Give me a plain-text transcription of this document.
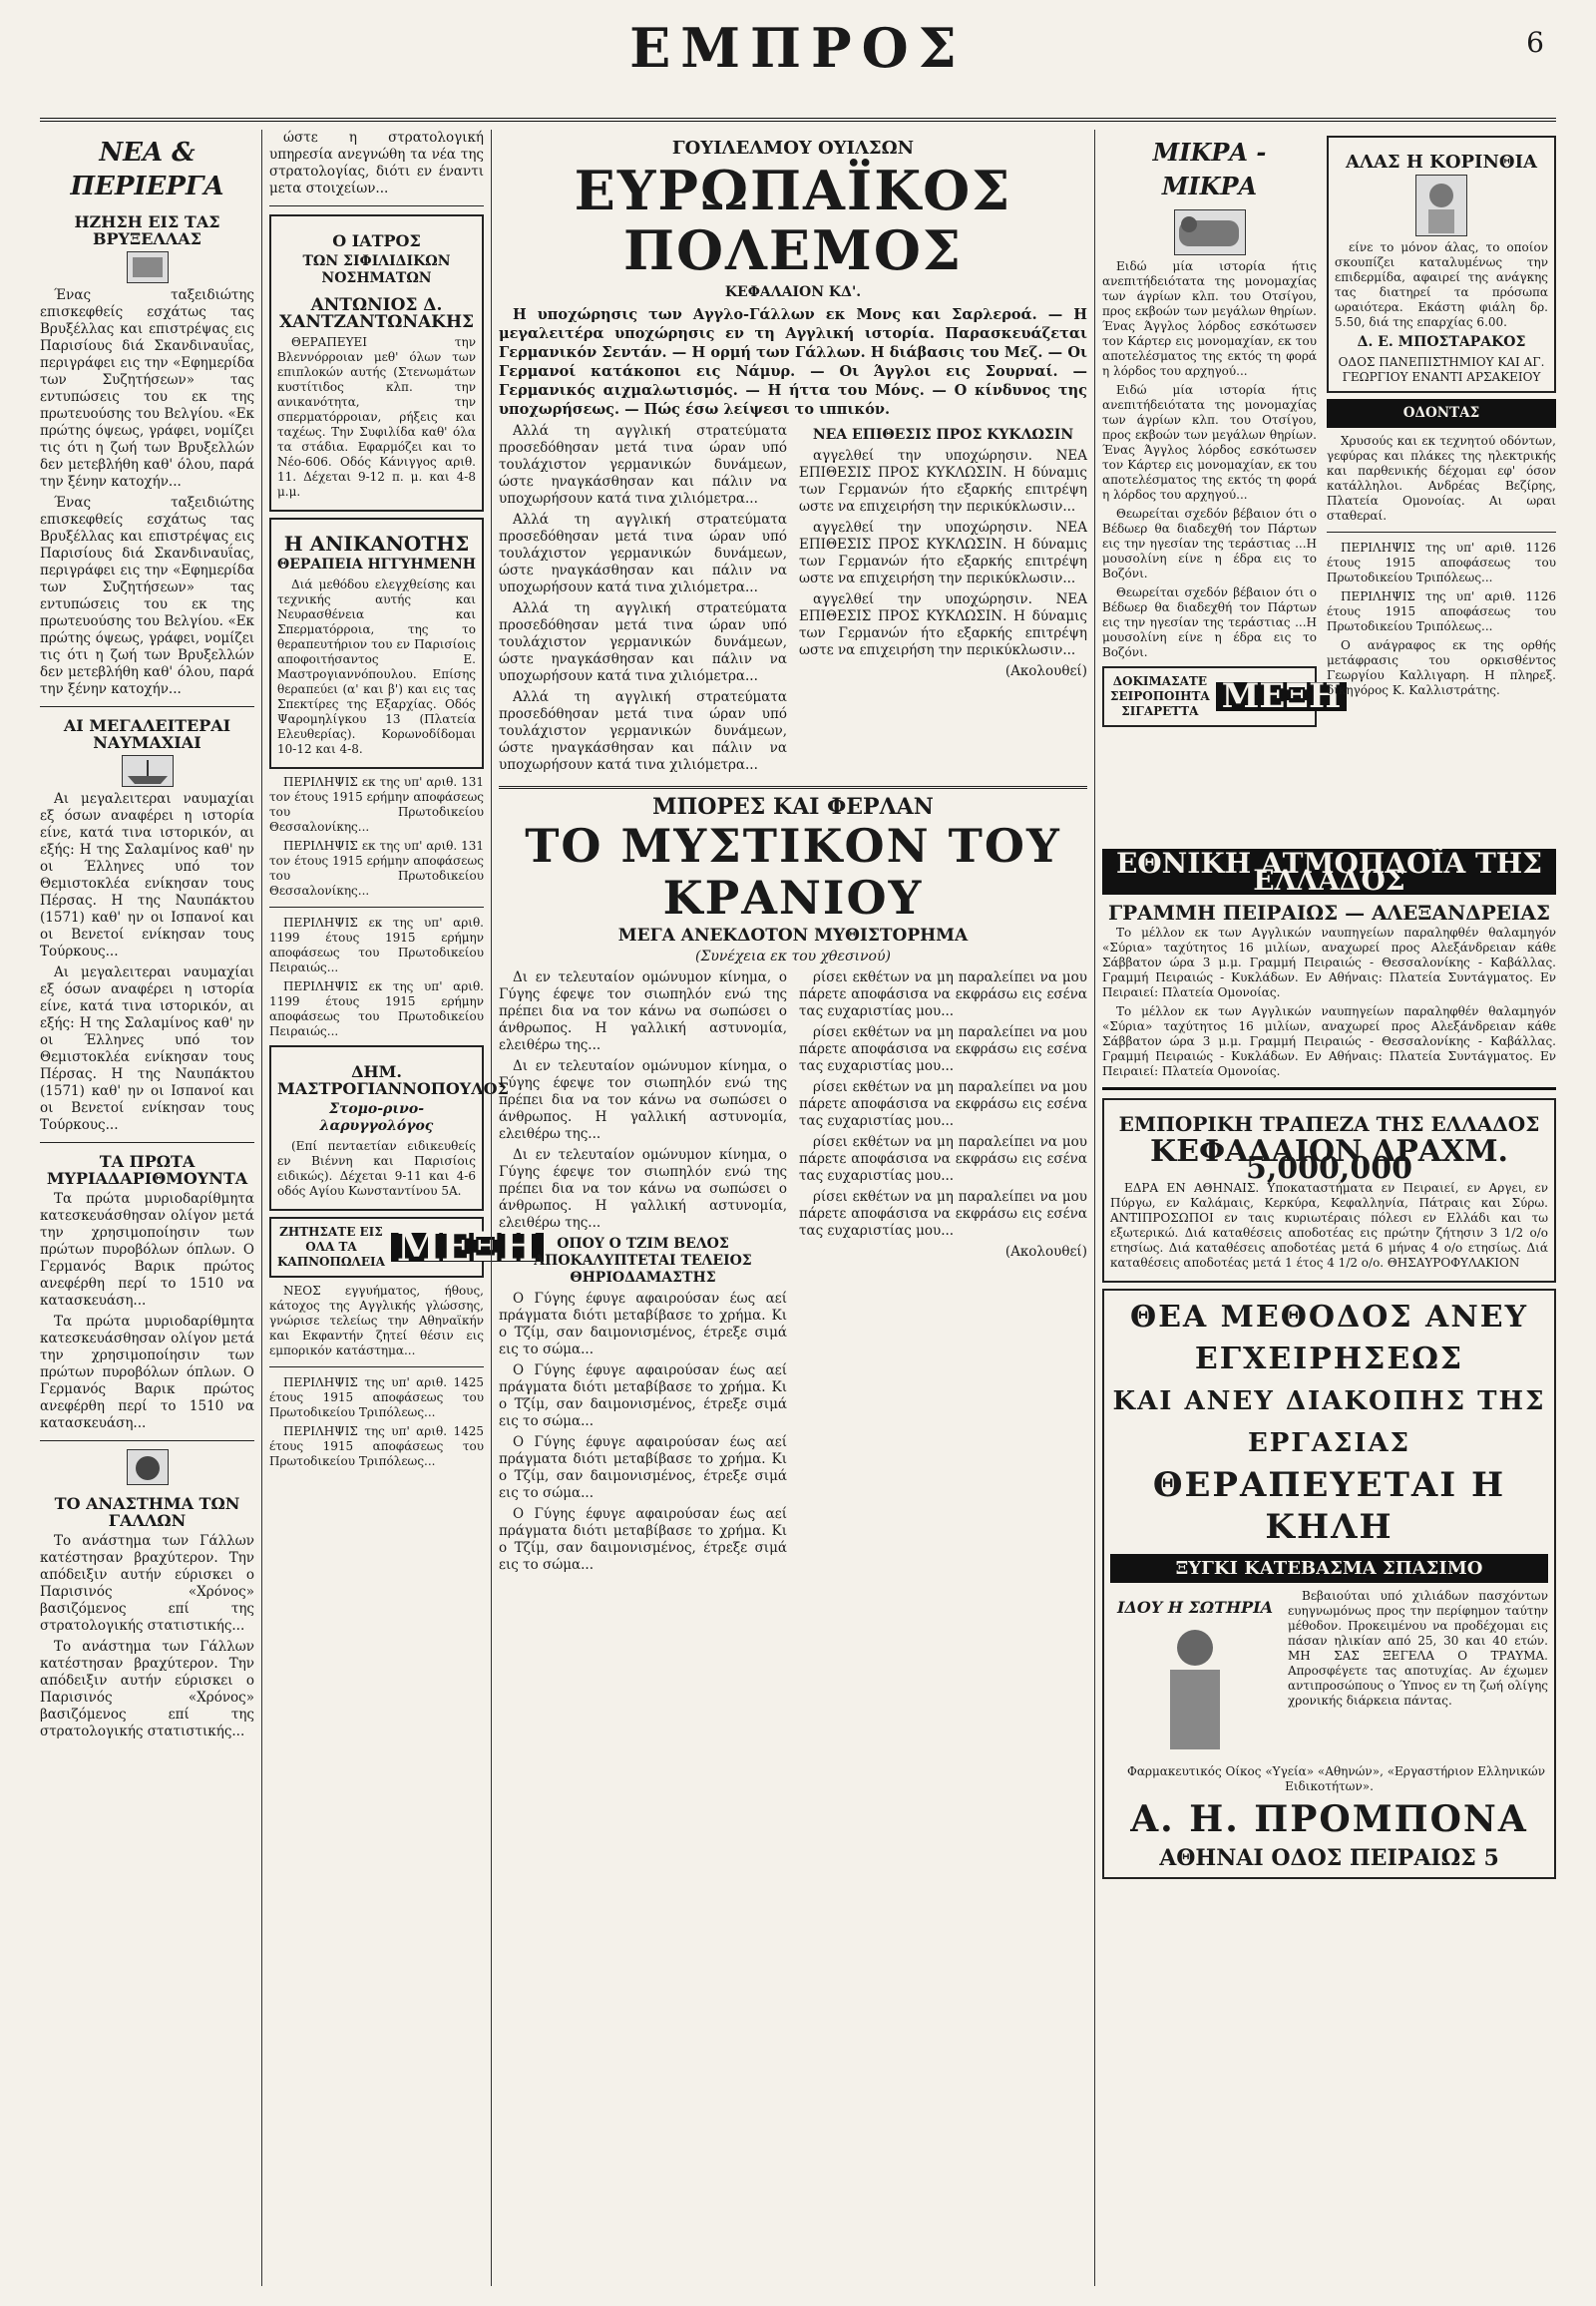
ΕΜΠΡΟΣ	6
ΝΕΑ & ΠΕΡΙΕΡΓΑ
ΗΖΗΣΗ ΕΙΣ ΤΑΣ ΒΡΥΞΕΛΛΑΣ

Ένας ταξειδιώτης επισκεφθείς εσχάτως τας Βρυξέλλας και επιστρέψας εις Παρισίους διά Σκανδιναυΐας, περιγράφει εις την «Εφημερίδα των Συζητήσεων» τας εντυπώσεις του εκ της πρωτευούσης του Βελγίου. «Εκ πρώτης όψεως, γράφει, νομίζει τις ότι η ζωή των Βρυξελλών δεν μετεβλήθη καθ' όλου, παρά την ξένην κατοχήν...

Ένας ταξειδιώτης επισκεφθείς εσχάτως τας Βρυξέλλας και επιστρέψας εις Παρισίους διά Σκανδιναυΐας, περιγράφει εις την «Εφημερίδα των Συζητήσεων» τας εντυπώσεις του εκ της πρωτευούσης του Βελγίου. «Εκ πρώτης όψεως, γράφει, νομίζει τις ότι η ζωή των Βρυξελλών δεν μετεβλήθη καθ' όλου, παρά την ξένην κατοχήν...

ΑΙ ΜΕΓΑΛΕΙΤΕΡΑΙ ΝΑΥΜΑΧΙΑΙ

Αι μεγαλειτεραι ναυμαχίαι εξ όσων αναφέρει η ιστορία είνε, κατά τινα ιστορικόν, αι εξής: Η της Σαλαμίνος καθ' ην οι Έλληνες υπό τον Θεμιστοκλέα ενίκησαν τους Πέρσας. Η της Ναυπάκτου (1571) καθ' ην οι Ισπανοί και οι Βενετοί ενίκησαν τους Τούρκους...

Αι μεγαλειτεραι ναυμαχίαι εξ όσων αναφέρει η ιστορία είνε, κατά τινα ιστορικόν, αι εξής: Η της Σαλαμίνος καθ' ην οι Έλληνες υπό τον Θεμιστοκλέα ενίκησαν τους Πέρσας. Η της Ναυπάκτου (1571) καθ' ην οι Ισπανοί και οι Βενετοί ενίκησαν τους Τούρκους...

ΤΑ ΠΡΩΤΑ ΜΥΡΙΑΔΑΡΙΘΜΟΥΝΤΑ

Τα πρώτα μυριοδαρίθμητα κατεσκευάσθησαν ολίγον μετά την χρησιμοποίησιν των πρώτων πυροβόλων όπλων. Ο Γερμανός Βαρικ πρώτος ανεφέρθη περί το 1510 να κατασκευάση...

Τα πρώτα μυριοδαρίθμητα κατεσκευάσθησαν ολίγον μετά την χρησιμοποίησιν των πρώτων πυροβόλων όπλων. Ο Γερμανός Βαρικ πρώτος ανεφέρθη περί το 1510 να κατασκευάση...

ΤΟ ΑΝΑΣΤΗΜΑ ΤΩΝ ΓΑΛΛΩΝ

Το ανάστημα των Γάλλων κατέστησαν βραχύτερον. Την απόδειξιν αυτήν εύρισκει ο Παρισινός «Χρόνος» βασιζόμενος επί της στρατολογικής στατιστικής...

Το ανάστημα των Γάλλων κατέστησαν βραχύτερον. Την απόδειξιν αυτήν εύρισκει ο Παρισινός «Χρόνος» βασιζόμενος επί της στρατολογικής στατιστικής...

ώστε η στρατολογική υπηρεσία ανεγνώθη τα νέα της στρατολογίας, διότι εν έναντι μετα στοιχείων...

Ο ΙΑΤΡΟΣ
ΤΩΝ ΣΙΦΙΛΙΔΙΚΩΝ ΝΟΣΗΜΑΤΩΝ
ΑΝΤΩΝΙΟΣ Δ. ΧΑΝΤΖΑΝΤΩΝΑΚΗΣ

ΘΕΡΑΠΕΥΕΙ την Βλεννόρροιαν μεθ' όλων των επιπλοκών αυτής (Στενωμάτων κυστίτιδος κλπ. την ανικανότητα, την σπερματόρροιαν, ρήξεις και ταχέως. Την Συφιλίδα καθ' όλα τα στάδια. Εφαρμόζει και το Νέο-606. Οδός Κάνιγγος αριθ. 11. Δέχεται 9-12 π. μ. και 4-8 μ.μ.

Η ΑΝΙΚΑΝΟΤΗΣ
ΘΕΡΑΠΕΙΑ ΗΓΓΥΗΜΕΝΗ

Διά μεθόδου ελεγχθείσης και τεχνικής αυτής και Νευρασθένεια και Σπερματόρροια, της το θεραπευτήριον του εν Παρισίοις αποφοιτήσαντος Ε. Μαστρογιαννόπουλου. Επίσης θεραπεύει (α' και β') και εις τας Σπεκτίρες της Εξαρχίας. Οδός Ψαρομηλίγκου 13 (Πλατεία Ελευθερίας). Κορωνοδίδομαι 10-12 και 4-8.

ΠΕΡΙΛΗΨΙΣ εκ της υπ' αριθ. 131 τον έτους 1915 ερήμην αποφάσεως του Πρωτοδικείου Θεσσαλονίκης...

ΠΕΡΙΛΗΨΙΣ εκ της υπ' αριθ. 131 τον έτους 1915 ερήμην αποφάσεως του Πρωτοδικείου Θεσσαλονίκης...

ΠΕΡΙΛΗΨΙΣ εκ της υπ' αριθ. 1199 έτους 1915 ερήμην αποφάσεως του Πρωτοδικείου Πειραιώς...

ΠΕΡΙΛΗΨΙΣ εκ της υπ' αριθ. 1199 έτους 1915 ερήμην αποφάσεως του Πρωτοδικείου Πειραιώς...

ΔΗΜ. ΜΑΣΤΡΟΓΙΑΝΝΟΠΟΥΛΟΣ
Στομο-ρινο-λαρυγγολόγος

(Επί πενταετίαν ειδικευθείς εν Βιέννη και Παρισίοις ειδικώς). Δέχεται 9-11 και 4-6 οδός Αγίου Κωνσταντίνου 5Α.

ΖΗΤΗΣΑΤΕ ΕΙΣ ΟΛΑ ΤΑ ΚΑΠΝΟΠΩΛΕΙΑ ΜΕΞΗ

ΝΕΟΣ εγγυήματος, ήθους, κάτοχος της Αγγλικής γλώσσης, γνώρισε τελείως την Αθηναϊκήν και Εκφαντήν ζητεί θέσιν εις εμπορικόν κατάστημα...

ΠΕΡΙΛΗΨΙΣ της υπ' αριθ. 1425 έτους 1915 αποφάσεως του Πρωτοδικείου Τριπόλεως...

ΠΕΡΙΛΗΨΙΣ της υπ' αριθ. 1425 έτους 1915 αποφάσεως του Πρωτοδικείου Τριπόλεως...

ΓΟΥΙΛΕΛΜΟΥ ΟΥΙΛΣΩΝ
ΕΥΡΩΠΑΪΚΟΣ ΠΟΛΕΜΟΣ
ΚΕΦΑΛΑΙΟΝ ΚΔ'.

Η υποχώρησις των Αγγλο-Γάλλων εκ Μονς και Σαρλεροά. — Η μεγαλειτέρα υποχώρησις εν τη Αγγλική ιστορία. Παρασκευάζεται Γερμανικόν Σεντάν. — Η ορμή των Γάλλων. Η διάβασις του Μεζ. — Οι Γερμανοί κατάκοποι εις Νάμυρ. — Οι Άγγλοι εις Σουρναί. — Γερμανικός αιχμαλωτισμός. — Η ήττα του Μόνς. — Ο κίνδυνος της υποχωρήσεως. — Πώς έσω λείψεσι το ιππικόν.

Αλλά τη αγγλική στρατεύματα προσεδόθησαν μετά τινα ώραν υπό τουλάχιστον γερμανικών δυνάμεων, ώστε ηναγκάσθησαν και πάλιν να υποχωρήσουν κατά τινα χιλιόμετρα...

Αλλά τη αγγλική στρατεύματα προσεδόθησαν μετά τινα ώραν υπό τουλάχιστον γερμανικών δυνάμεων, ώστε ηναγκάσθησαν και πάλιν να υποχωρήσουν κατά τινα χιλιόμετρα...

Αλλά τη αγγλική στρατεύματα προσεδόθησαν μετά τινα ώραν υπό τουλάχιστον γερμανικών δυνάμεων, ώστε ηναγκάσθησαν και πάλιν να υποχωρήσουν κατά τινα χιλιόμετρα...

Αλλά τη αγγλική στρατεύματα προσεδόθησαν μετά τινα ώραν υπό τουλάχιστον γερμανικών δυνάμεων, ώστε ηναγκάσθησαν και πάλιν να υποχωρήσουν κατά τινα χιλιόμετρα...

ΝΕΑ ΕΠΙΘΕΣΙΣ ΠΡΟΣ ΚΥΚΛΩΣΙΝ

αγγελθεί την υποχώρησιν. ΝΕΑ ΕΠΙΘΕΣΙΣ ΠΡΟΣ ΚΥΚΛΩΣΙΝ. Η δύναμις των Γερμανών ήτο εξαρκής επιτρέψη ωστε να επιχειρήση την περικύκλωσιν...

αγγελθεί την υποχώρησιν. ΝΕΑ ΕΠΙΘΕΣΙΣ ΠΡΟΣ ΚΥΚΛΩΣΙΝ. Η δύναμις των Γερμανών ήτο εξαρκής επιτρέψη ωστε να επιχειρήση την περικύκλωσιν...

αγγελθεί την υποχώρησιν. ΝΕΑ ΕΠΙΘΕΣΙΣ ΠΡΟΣ ΚΥΚΛΩΣΙΝ. Η δύναμις των Γερμανών ήτο εξαρκής επιτρέψη ωστε να επιχειρήση την περικύκλωσιν...

(Ακολουθεί)

ΜΠΟΡΕΣ ΚΑΙ ΦΕΡΛΑΝ
ΤΟ ΜΥΣΤΙΚΟΝ ΤΟΥ ΚΡΑΝΙΟΥ
ΜΕΓΑ ΑΝΕΚΔΟΤΟΝ ΜΥΘΙΣΤΟΡΗΜΑ
(Συνέχεια εκ του χθεσινού)

Δι εν τελευταίον ομώνυμον κίνημα, ο Γύγης έφεψε τον σιωπηλόν ενώ της πρέπει δια να τον κάνω να σωπώσει ο άνθρωπος. Η γαλλική αστυνομία, ελειθέρω της...

Δι εν τελευταίον ομώνυμον κίνημα, ο Γύγης έφεψε τον σιωπηλόν ενώ της πρέπει δια να τον κάνω να σωπώσει ο άνθρωπος. Η γαλλική αστυνομία, ελειθέρω της...

Δι εν τελευταίον ομώνυμον κίνημα, ο Γύγης έφεψε τον σιωπηλόν ενώ της πρέπει δια να τον κάνω να σωπώσει ο άνθρωπος. Η γαλλική αστυνομία, ελειθέρω της...

ΟΠΟΥ Ο ΤΖΙΜ ΒΕΛΟΣ ΑΠΟΚΑΛΥΠΤΕΤΑΙ ΤΕΛΕΙΟΣ ΘΗΡΙΟΔΑΜΑΣΤΗΣ

Ο Γύγης έφυγε αφαιρούσαν έως αεί πράγματα διότι μεταβίβασε το χρήμα. Κι ο Τζίμ, σαν δαιμονισμένος, έτρεξε σιμά εις το σώμα...

Ο Γύγης έφυγε αφαιρούσαν έως αεί πράγματα διότι μεταβίβασε το χρήμα. Κι ο Τζίμ, σαν δαιμονισμένος, έτρεξε σιμά εις το σώμα...

Ο Γύγης έφυγε αφαιρούσαν έως αεί πράγματα διότι μεταβίβασε το χρήμα. Κι ο Τζίμ, σαν δαιμονισμένος, έτρεξε σιμά εις το σώμα...

Ο Γύγης έφυγε αφαιρούσαν έως αεί πράγματα διότι μεταβίβασε το χρήμα. Κι ο Τζίμ, σαν δαιμονισμένος, έτρεξε σιμά εις το σώμα...

ρίσει εκθέτων να μη παραλείπει να μου πάρετε αποφάσισα να εκφράσω εις εσένα τας ευχαριστίας μου...

ρίσει εκθέτων να μη παραλείπει να μου πάρετε αποφάσισα να εκφράσω εις εσένα τας ευχαριστίας μου...

ρίσει εκθέτων να μη παραλείπει να μου πάρετε αποφάσισα να εκφράσω εις εσένα τας ευχαριστίας μου...

ρίσει εκθέτων να μη παραλείπει να μου πάρετε αποφάσισα να εκφράσω εις εσένα τας ευχαριστίας μου...

ρίσει εκθέτων να μη παραλείπει να μου πάρετε αποφάσισα να εκφράσω εις εσένα τας ευχαριστίας μου...

(Ακολουθεί)

ΜΙΚΡΑ - ΜΙΚΡΑ

Ειδώ μία ιστορία ήτις ανεπιτήδειότατα της μονομαχίας των άγρίων κλπ. του Οτσίγου, προς εκβοών των μεγάλων θηρίων. Ένας Άγγλος λόρδος εσκότωσεν τον Κάρτερ εις μονομαχίαν, εκ του αποτελέσματος της εκτός τη φορά η λόρδος του αρχηγού...

Ειδώ μία ιστορία ήτις ανεπιτήδειότατα της μονομαχίας των άγρίων κλπ. του Οτσίγου, προς εκβοών των μεγάλων θηρίων. Ένας Άγγλος λόρδος εσκότωσεν τον Κάρτερ εις μονομαχίαν, εκ του αποτελέσματος της εκτός τη φορά η λόρδος του αρχηγού...

Θεωρείται σχεδόν βέβαιον ότι ο Βέδωερ θα διαδεχθή τον Πάρτων εις την ηγεσίαν της τεράστιας ...Η μουσολίνη είνε η έδρα εις το Βοζόνι.

Θεωρείται σχεδόν βέβαιον ότι ο Βέδωερ θα διαδεχθή τον Πάρτων εις την ηγεσίαν της τεράστιας ...Η μουσολίνη είνε η έδρα εις το Βοζόνι.

ΔΟΚΙΜΑΣΑΤΕ ΣΕΙΡΟΠΟΙΗΤΑ ΣΙΓΑΡΕΤΤΑ ΜΕΞΗ
ΑΛΑΣ Η ΚΟΡΙΝΘΙΑ

είνε το μόνον άλας, το οποίον σκουπίζει καταλυμένως την επιδερμίδα, αφαιρεί της ανάγκης τας διατηρεί τα πρόσωπα ωραιότερα. Εκάστη φιάλη δρ. 5.50, διά της επαρχίας 6.00.

Δ. Ε. ΜΠΟΣΤΑΡΑΚΟΣ
ΟΔΟΣ ΠΑΝΕΠΙΣΤΗΜΙΟΥ ΚΑΙ ΑΓ. ΓΕΩΡΓΙΟΥ ΕΝΑΝΤΙ ΑΡΣΑΚΕΙΟΥ
ΟΔΟΝΤΑΣ

Χρυσούς και εκ τεχνητού οδόντων, γεφύρας και πλάκες της ηλεκτρικής και παρθενικής δέχομαι εφ' όσον κατάλληλοι. Ανδρέας Βεζίρης, Πλατεία Ομονοίας. Αι ωραι σταθεραί.

ΠΕΡΙΛΗΨΙΣ της υπ' αριθ. 1126 έτους 1915 αποφάσεως του Πρωτοδικείου Τριπόλεως...

ΠΕΡΙΛΗΨΙΣ της υπ' αριθ. 1126 έτους 1915 αποφάσεως του Πρωτοδικείου Τριπόλεως...

Ο ανάγραφος εκ της ορθής μετάφρασις του ορκισθέντος Γεωργίου Καλλιγαρη. Η πληρεξ. δικηγόρος Κ. Καλλιστράτης.

ΕΘΝΙΚΗ ΑΤΜΟΠΛΟΪΑ ΤΗΣ ΕΛΛΑΔΟΣ
ΓΡΑΜΜΗ ΠΕΙΡΑΙΩΣ — ΑΛΕΞΑΝΔΡΕΙΑΣ

Το μέλλον εκ των Αγγλικών ναυπηγείων παραληφθέν θαλαμηγόν «Σύρια» ταχύτητος 16 μιλίων, αναχωρεί προς Αλεξάνδρειαν κάθε Σάββατον ώρα 3 μ.μ. Γραμμή Πειραιώς - Θεσσαλονίκης - Καβάλλας. Γραμμή Πειραιώς - Κυκλάδων. Εν Αθήναις: Πλατεία Συντάγματος. Εν Πειραιεί: Πλατεία Ομονοίας.

Το μέλλον εκ των Αγγλικών ναυπηγείων παραληφθέν θαλαμηγόν «Σύρια» ταχύτητος 16 μιλίων, αναχωρεί προς Αλεξάνδρειαν κάθε Σάββατον ώρα 3 μ.μ. Γραμμή Πειραιώς - Θεσσαλονίκης - Καβάλλας. Γραμμή Πειραιώς - Κυκλάδων. Εν Αθήναις: Πλατεία Συντάγματος. Εν Πειραιεί: Πλατεία Ομονοίας.

ΕΜΠΟΡΙΚΗ ΤΡΑΠΕΖΑ ΤΗΣ ΕΛΛΑΔΟΣ
ΚΕΦΑΛΑΙΟΝ ΔΡΑΧΜ. 5,000,000

ΕΔΡΑ ΕΝ ΑΘΗΝΑΙΣ. Υποκαταστήματα εν Πειραιεί, εν Αργει, εν Πύργω, εν Καλάμαις, Κερκύρα, Κεφαλληνία, Πάτραις και Σύρω. ΑΝΤΙΠΡΟΣΩΠΟΙ εν ταις κυριωτέραις πόλεσι εν Ελλάδι και τω εξωτερικώ. Διά καταθέσεις αποδοτέας εις πρώτην ζήτησιν 3 1/2 ο/ο ετησίως. Διά καταθέσεις αποδοτέας μετά 6 μήνας 4 ο/ο ετησίως. Διά καταθέσεις αποδοτέας μετά 1 έτος 4 1/2 ο/ο. ΘΗΣΑΥΡΟΦΥΛΑΚΙΟΝ

ΘΕΑ ΜΕΘΟΔΟΣ ΑΝΕΥ ΕΓΧΕΙΡΗΣΕΩΣ
ΚΑΙ ΑΝΕΥ ΔΙΑΚΟΠΗΣ ΤΗΣ ΕΡΓΑΣΙΑΣ
ΘΕΡΑΠΕΥΕΤΑΙ Η ΚΗΛΗ
ΞΥΓΚΙ ΚΑΤΕΒΑΣΜΑ ΣΠΑΣΙΜΟ
ΙΔΟΥ Η ΣΩΤΗΡΙΑ

Βεβαιούται υπό χιλιάδων πασχόντων ευηγνωμόνως προς την περίφημον ταύτην μέθοδον. Προκειμένου να προδέχομαι εις πάσαν ηλικίαν από 25, 30 και 40 ετών. ΜΗ ΣΑΣ ΞΕΓΕΛΑ Ο ΤΡΑΥΜΑ. Απροσφέγετε τας αποτυχίας. Αν έχωμεν αντιπροσώπους ο Ύπνος εν τη ζωή ολίγης χρονικής διάρκεια πάντας.

Φαρμακευτικός Οίκος «Υγεία» «Αθηνών», «Εργαστήριον Ελληνικών Ειδικοτήτων».

Α. Η. ΠΡΟΜΠΟΝΑ
ΑΘΗΝΑΙ ΟΔΟΣ ΠΕΙΡΑΙΩΣ 5
